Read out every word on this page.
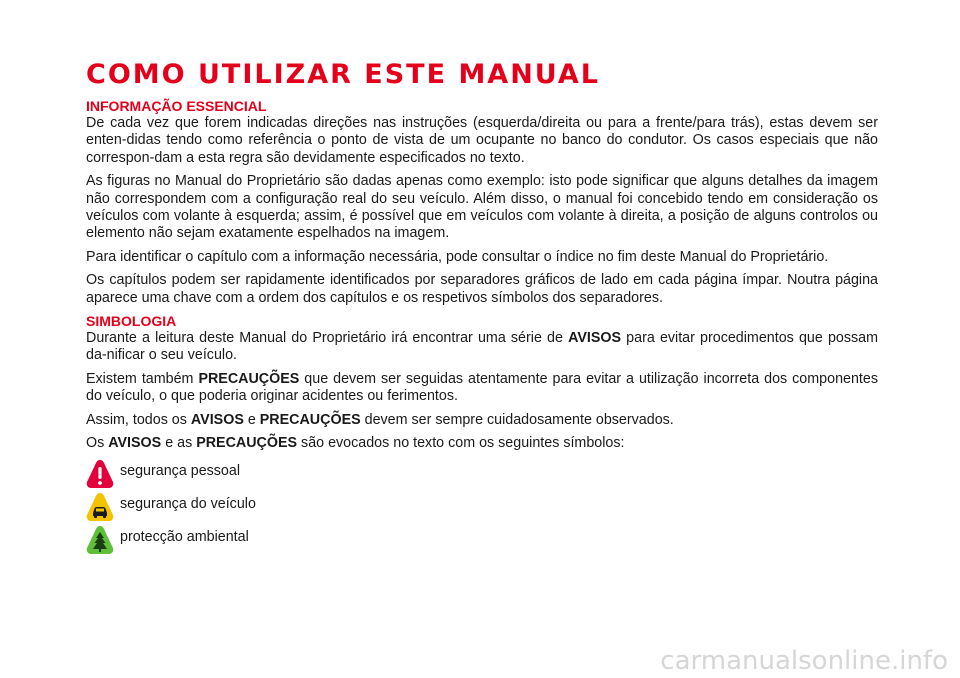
COMO UTILIZAR ESTE MANUAL
INFORMAÇÃO ESSENCIAL

De cada vez que forem indicadas direções nas instruções (esquerda/direita ou para a frente/para trás), estas devem ser enten-didas tendo como referência o ponto de vista de um ocupante no banco do condutor. Os casos especiais que não correspon-dam a esta regra são devidamente especificados no texto.

As figuras no Manual do Proprietário são dadas apenas como exemplo: isto pode significar que alguns detalhes da imagem não correspondem com a configuração real do seu veículo. Além disso, o manual foi concebido tendo em consideração os veículos com volante à esquerda; assim, é possível que em veículos com volante à direita, a posição de alguns controlos ou elemento não sejam exatamente espelhados na imagem.

Para identificar o capítulo com a informação necessária, pode consultar o índice no fim deste Manual do Proprietário.

Os capítulos podem ser rapidamente identificados por separadores gráficos de lado em cada página ímpar. Noutra página aparece uma chave com a ordem dos capítulos e os respetivos símbolos dos separadores.

SIMBOLOGIA

Durante a leitura deste Manual do Proprietário irá encontrar uma série de AVISOS para evitar procedimentos que possam da-nificar o seu veículo.

Existem também PRECAUÇÕES que devem ser seguidas atentamente para evitar a utilização incorreta dos componentes do veículo, o que poderia originar acidentes ou ferimentos.

Assim, todos os AVISOS e PRECAUÇÕES devem ser sempre cuidadosamente observados.

Os AVISOS e as PRECAUÇÕES são evocados no texto com os seguintes símbolos:

segurança pessoal
segurança do veículo
protecção ambiental
carmanualsonline.info
